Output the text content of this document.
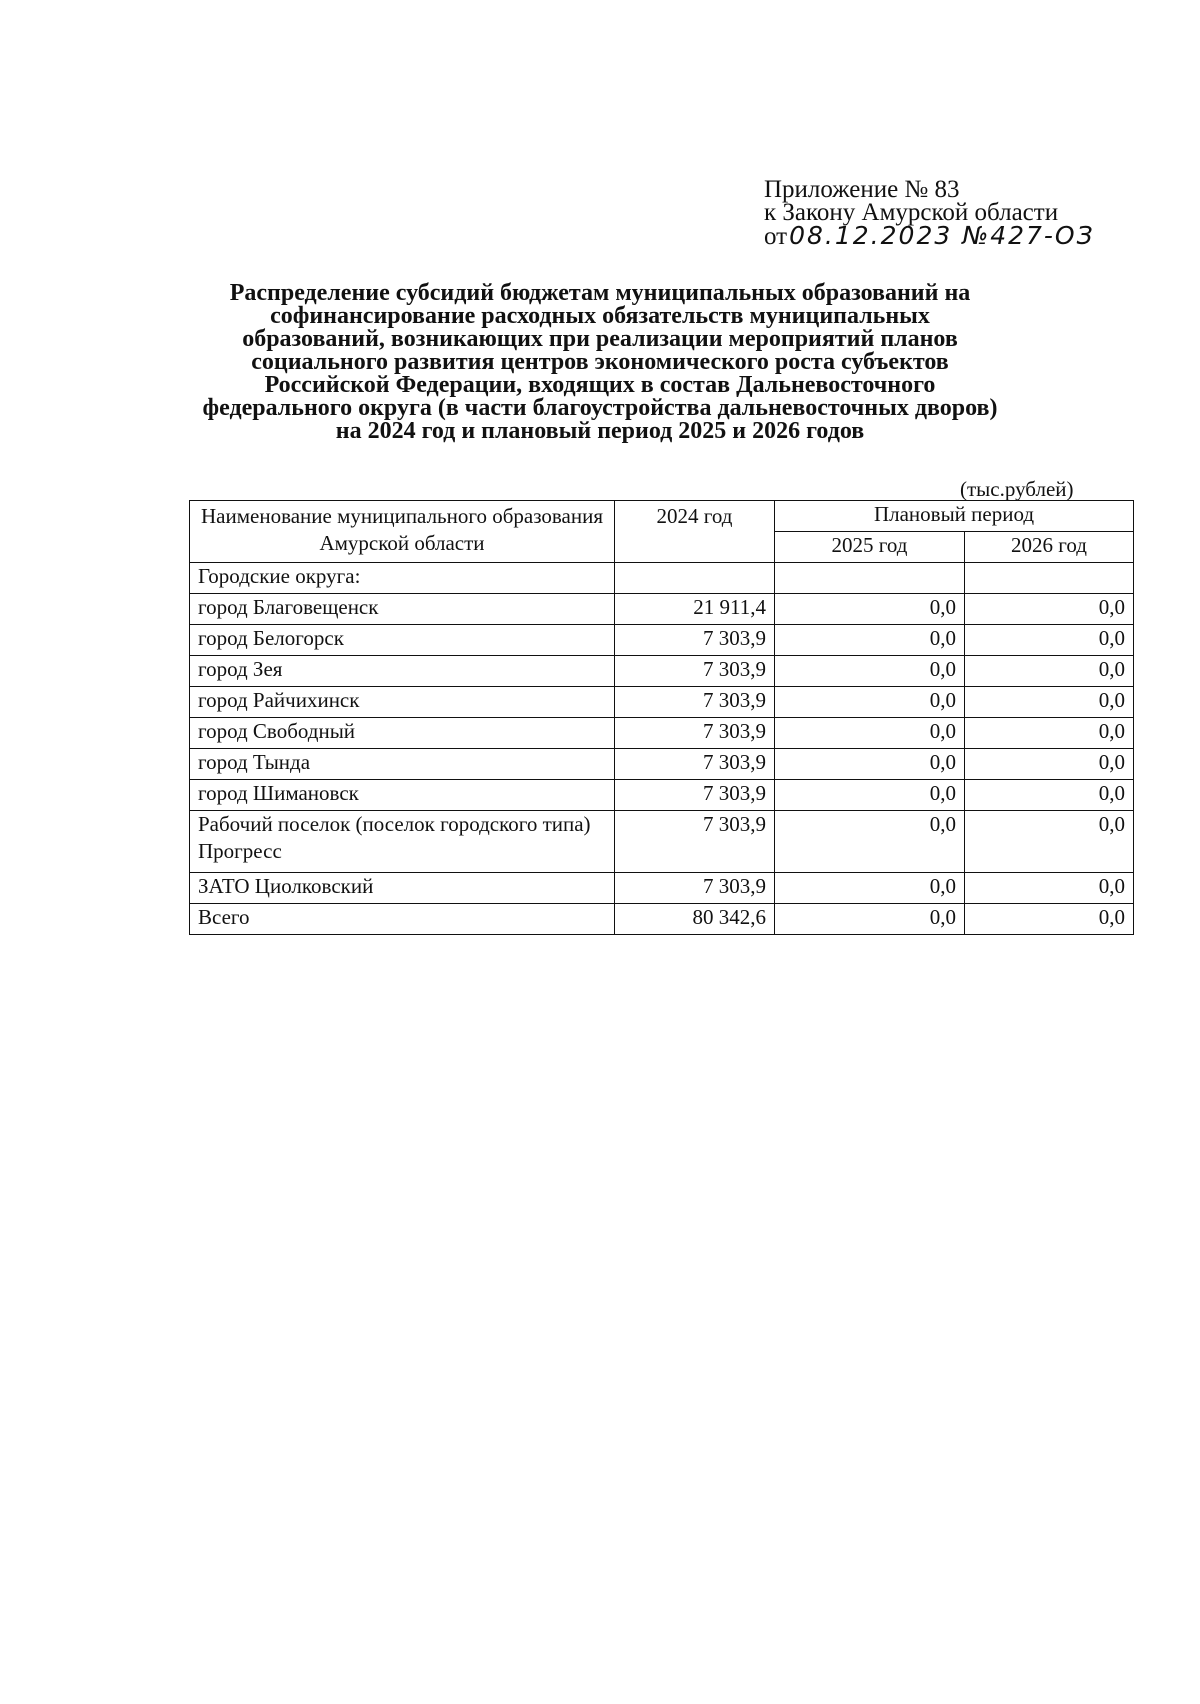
Приложение № 83
к Закону Амурской области
от08.12.2023 №427-ОЗ
Распределение субсидий бюджетам муниципальных образований на
софинансирование расходных обязательств муниципальных
образований, возникающих при реализации мероприятий планов
социального развития центров экономического роста субъектов
Российской Федерации, входящих в состав Дальневосточного
федерального округа (в части благоустройства дальневосточных дворов)
на 2024 год и плановый период 2025 и 2026 годов
(тыс.рублей)
Наименование муниципального образования Амурской области	2024 год	Плановый период	
		2025 год	2026 год
Городские округа:			
город Благовещенск	21 911,4	0,0	0,0
город Белогорск	7 303,9	0,0	0,0
город Зея	7 303,9	0,0	0,0
город Райчихинск	7 303,9	0,0	0,0
город Свободный	7 303,9	0,0	0,0
город Тында	7 303,9	0,0	0,0
город Шимановск	7 303,9	0,0	0,0
Рабочий поселок (поселок городского типа) Прогресс	7 303,9	0,0	0,0
ЗАТО Циолковский	7 303,9	0,0	0,0
Всего	80 342,6	0,0	0,0
